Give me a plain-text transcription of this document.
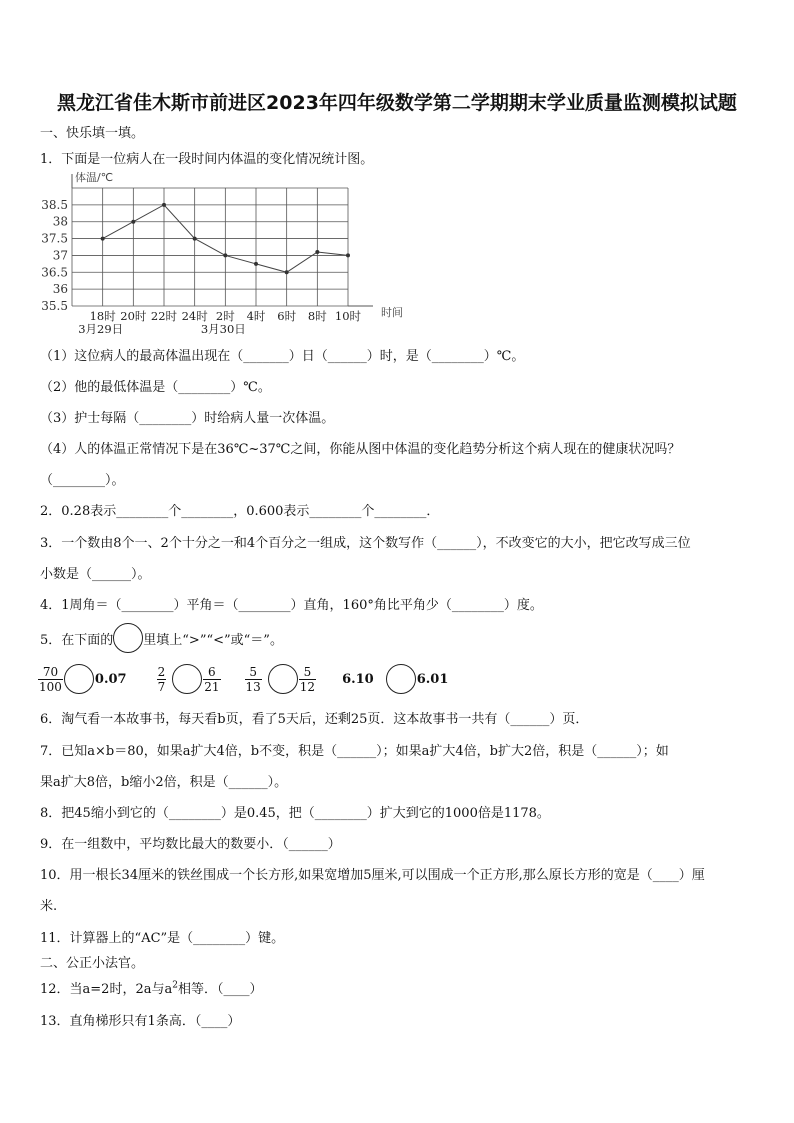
黑龙江省佳木斯市前进区2023年四年级数学第二学期期末学业质量监测模拟试题
一、快乐填一填。
1．下面是一位病人在一段时间内体温的变化情况统计图。
35.5
36
36.5
37
37.5
38
38.5
体温/℃
18时 20时 22时 24时 2时 4时 6时 8时 10时 时间
3月29日	3月30日
（1）这位病人的最高体温出现在（_______）日（______）时，是（________）℃。
（2）他的最低体温是（________）℃。
（3）护士每隔（________）时给病人量一次体温。
（4）人的体温正常情况下是在36℃~37℃之间，你能从图中体温的变化趋势分析这个病人现在的健康状况吗？
（________）。
2．0.28表示________个________，0.600表示________个________．
3．一个数由8个一、2个十分之一和4个百分之一组成，这个数写作（______），不改变它的大小，把它改写成三位
小数是（______）。
4．1周角＝（________）平角＝（________）直角，160°角比平角少（________）度。
5．在下面的 里填上“>”“<”或“＝”。
$\frac{70}{100} 0.07$	$\frac{2}{7}$	$\frac{6}{21} \frac{5}{13}$	$\frac{5}{12} 6.10$	6.01
6．淘气看一本故事书，每天看b页，看了5天后，还剩25页．这本故事书一共有（______）页．
7．已知a×b＝80，如果a扩大4倍，b不变，积是（______）；如果a扩大4倍，b扩大2倍，积是（______）；如
果a扩大8倍，b缩小2倍，积是（______）。
8．把45缩小到它的（________）是0.45，把（________）扩大到它的1000倍是1178。
9．在一组数中，平均数比最大的数要小．（______）
10．用一根长34厘米的铁丝围成一个长方形,如果宽增加5厘米,可以围成一个正方形,那么原长方形的宽是（____）厘
米.
11．计算器上的“AC”是（________）键。
二、公正小法官。
12．当a=2时，2a与$a^2$相等．（____）
13．直角梯形只有1条高．（____）
